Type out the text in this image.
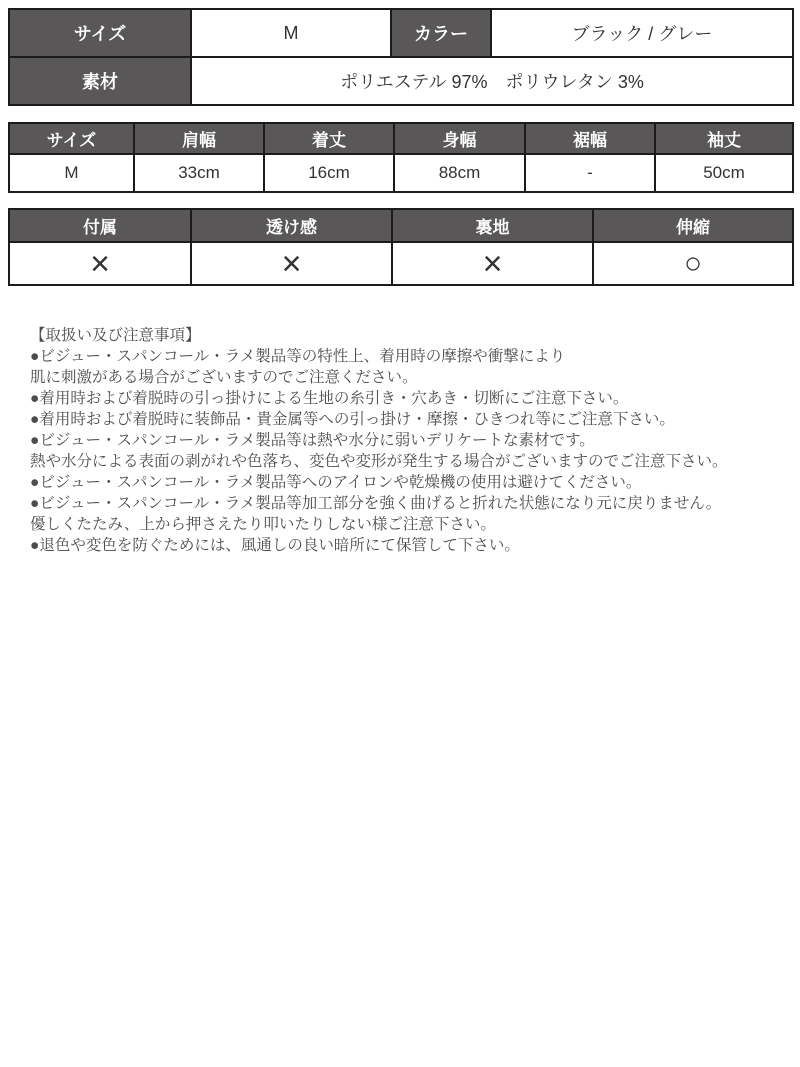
サイズ	M	カラー	ブラック / グレー
素材	ポリエステル 97%　ポリウレタン 3%		
サイズ	肩幅	着丈	身幅	裾幅	袖丈
M	33cm	16cm	88cm	-	50cm
付属	透け感	裏地	伸縮
×	×	×	○
【取扱い及び注意事項】
●ビジュー・スパンコール・ラメ製品等の特性上、着用時の摩擦や衝撃により
肌に刺激がある場合がございますのでご注意ください。
●着用時および着脱時の引っ掛けによる生地の糸引き・穴あき・切断にご注意下さい。
●着用時および着脱時に装飾品・貴金属等への引っ掛け・摩擦・ひきつれ等にご注意下さい。
●ビジュー・スパンコール・ラメ製品等は熱や水分に弱いデリケートな素材です。
熱や水分による表面の剥がれや色落ち、変色や変形が発生する場合がございますのでご注意下さい。
●ビジュー・スパンコール・ラメ製品等へのアイロンや乾燥機の使用は避けてください。
●ビジュー・スパンコール・ラメ製品等加工部分を強く曲げると折れた状態になり元に戻りません。
優しくたたみ、上から押さえたり叩いたりしない様ご注意下さい。
●退色や変色を防ぐためには、風通しの良い暗所にて保管して下さい。
